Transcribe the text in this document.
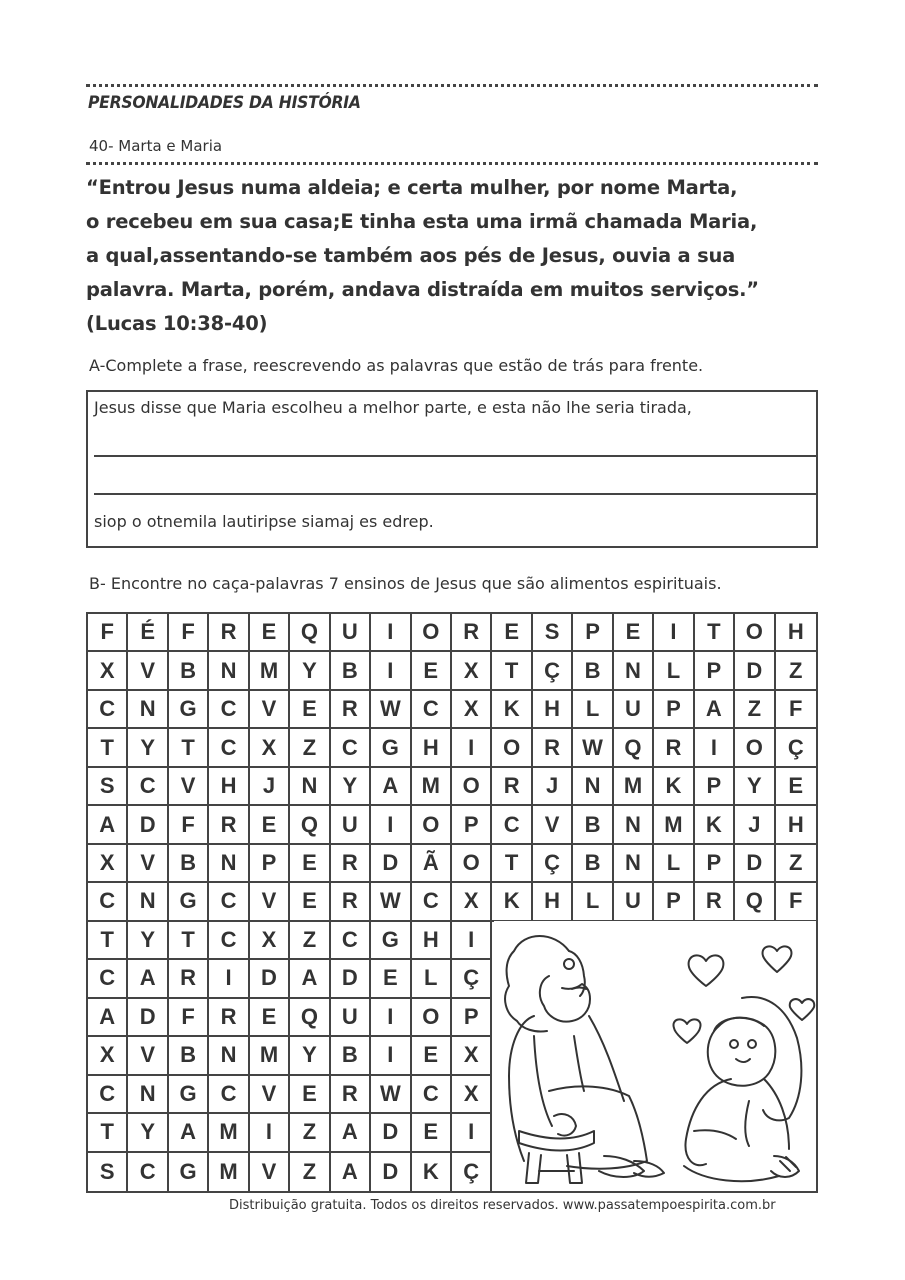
PERSONALIDADES DA HISTÓRIA
40- Marta e Maria
“Entrou Jesus numa aldeia; e certa mulher, por nome Marta,
o recebeu em sua casa;E tinha esta uma irmã chamada Maria,
a qual,assentando-se também aos pés de Jesus, ouvia a sua
palavra. Marta, porém, andava distraída em muitos serviços.”
(Lucas 10:38-40)
A-Complete a frase, reescrevendo as palavras que estão de trás para frente.
Jesus disse que Maria escolheu a melhor parte, e esta não lhe seria tirada,
siop o otnemila lautiripse siamaj es edrep.
B- Encontre no caça-palavras 7 ensinos de Jesus que são alimentos espirituais.
F	É	F	R	E	Q	U	I	O	R	E	S	P	E	I	T	O	H
X	V	B	N	M	Y	B	I	E	X	T	Ç	B	N	L	P	D	Z
C	N	G	C	V	E	R	W	C	X	K	H	L	U	P	A	Z	F
T	Y	T	C	X	Z	C	G	H	I	O	R	W Q	R	I	O	Ç
S	C	V	H	J	N	Y	A	M	O	R	J	N	M	K	P	Y	E
A	D	F	R	E	Q	U	I	O	P	C	V	B	N	M	K	J	H
X	V	B	N	P	E	R	D	Ã	O	T	Ç	B	N	L	P	D	Z
C	N	G	C	V	E	R	W	C	X	K	H	L	U	P	R	Q	F
T	Y	T	C	X	Z	C	G	H	I
C	A	R	I	D	A	D	E	L	Ç
A	D	F	R	E	Q	U	I	O	P
X	V	B	N	M	Y	B	I	E	X
C	N	G	C	V	E	R	W	C	X
T	Y	A	M	I	Z	A	D	E	I
S	C	G	M	V	Z	A	D	K	Ç
Distribuição gratuita. Todos os direitos reservados. www.passatempoespirita.com.br
